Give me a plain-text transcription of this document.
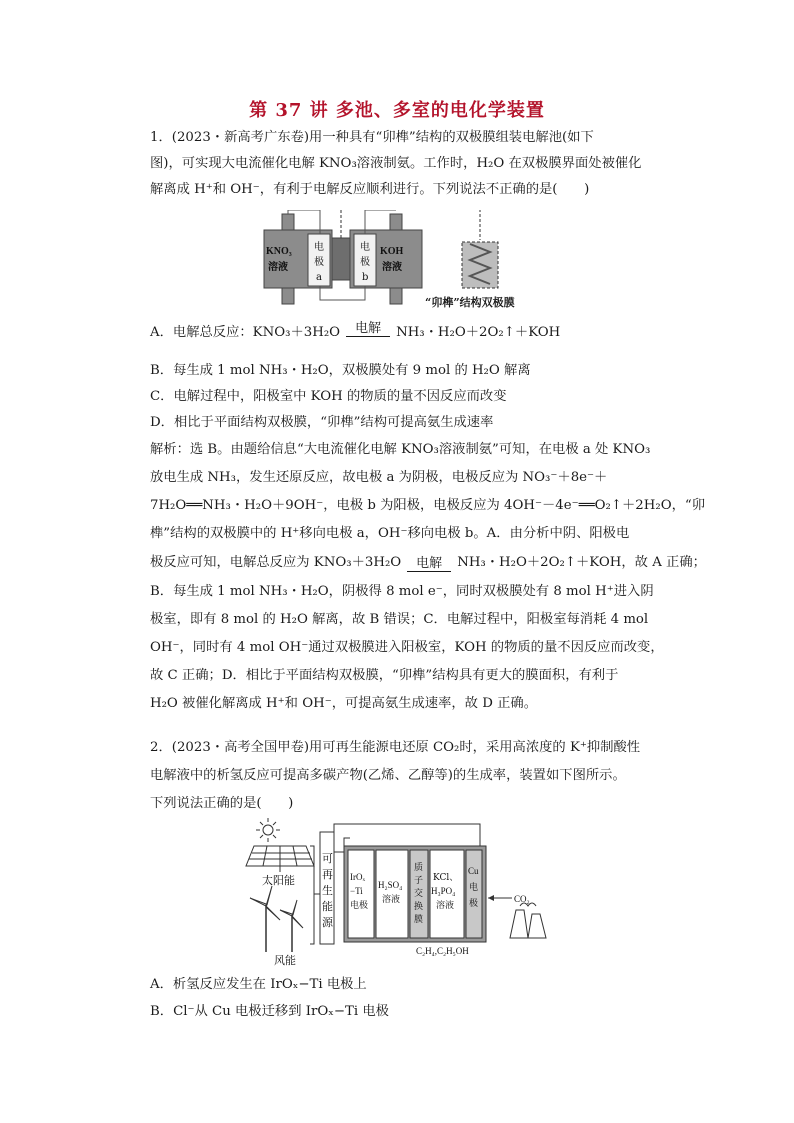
第 37 讲 多池、多室的电化学装置
1．(2023・新高考广东卷)用一种具有“卯榫”结构的双极膜组装电解池(如下
图)，可实现大电流催化电解 KNO₃溶液制氨。工作时，H₂O 在双极膜界面处被催化
解离成 H⁺和 OH⁻，有利于电解反应顺利进行。下列说法不正确的是(　　)
KNO₃
溶液
电
极
a
电
极
b
KOH
溶液
“卯榫”结构双极膜
A．电解总反应：KNO₃＋3H₂O	电解	NH₃・H₂O＋2O₂↑＋KOH
B．每生成 1 mol NH₃・H₂O，双极膜处有 9 mol 的 H₂O 解离
C．电解过程中，阳极室中 KOH 的物质的量不因反应而改变
D．相比于平面结构双极膜，“卯榫”结构可提高氨生成速率
解析：选 B。由题给信息“大电流催化电解 KNO₃溶液制氨”可知，在电极 a 处 KNO₃
放电生成 NH₃，发生还原反应，故电极 a 为阴极，电极反应为 NO₃⁻＋8e⁻＋
7H₂O══NH₃・H₂O＋9OH⁻，电极 b 为阳极，电极反应为 4OH⁻－4e⁻══O₂↑＋2H₂O，“卯
榫”结构的双极膜中的 H⁺移向电极 a，OH⁻移向电极 b。A．由分析中阴、阳极电
极反应可知，电解总反应为 KNO₃＋3H₂O	电解	NH₃・H₂O＋2O₂↑＋KOH，故 A 正确；
B．每生成 1 mol NH₃・H₂O，阴极得 8 mol e⁻，同时双极膜处有 8 mol H⁺进入阴
极室，即有 8 mol 的 H₂O 解离，故 B 错误；C．电解过程中，阳极室每消耗 4 mol
OH⁻，同时有 4 mol OH⁻通过双极膜进入阳极室，KOH 的物质的量不因反应而改变，
故 C 正确；D．相比于平面结构双极膜，“卯榫”结构具有更大的膜面积，有利于
H₂O 被催化解离成 H⁺和 OH⁻，可提高氨生成速率，故 D 正确。
2．(2023・高考全国甲卷)用可再生能源电还原 CO₂时，采用高浓度的 K⁺抑制酸性
电解液中的析氢反应可提高多碳产物(乙烯、乙醇等)的生成率，装置如下图所示。
下列说法正确的是(　　)
太阳能
风能
可
再
生
能
源
IrOₓ
−Ti
电极
H₂SO₄
溶液
质
子
交
换
膜
KCl、
H₃PO₄
溶液
Cu
电
极	CO₂
C₂H₄,C₂H₅OH
A．析氢反应发生在 IrOₓ−Ti 电极上
B．Cl⁻从 Cu 电极迁移到 IrOₓ−Ti 电极
